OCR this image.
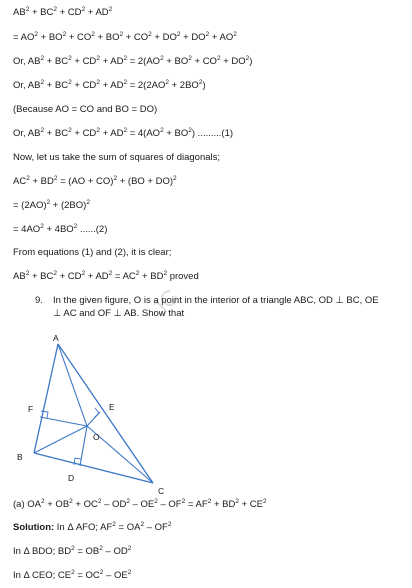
JC
$AB^2 + BC^2 + CD^2 + AD^2$
= $AO^2 + BO^2 + CO^2 + BO^2 + CO^2 + DO^2 + DO^2 + AO^2$
Or, $AB^2 + BC^2 + CD^2 + AD^2 = 2(AO^2 + BO^2 + CO^2 + DO^2)$
Or, $AB^2 + BC^2 + CD^2 + AD^2 = 2(2AO^2 + 2BO^2)$
(Because AO = CO and BO = DO)
Or, $AB^2 + BC^2 + CD^2 + AD^2 = 4(AO^2 + BO^2)$ .........(1)
Now, let us take the sum of squares of diagonals;
$AC^2 + BD^2 = (AO + CO)^2 + (BO + DO)^2$
= $(2AO)^2 + (2BO)^2$
= $4AO^2 + 4BO^2$ ......(2)
From equations (1) and (2), it is clear;
$AB^2 + BC^2 + CD^2 + AD^2 = AC^2 + BD^2$ proved
9. In the given figure, O is a point in the interior of a triangle ABC, OD ⊥ BC, OE
⊥ AC and OF ⊥ AB. Show that
A
B
C
D
E
F
O
(a) $OA^2 + OB^2 + OC^2 - OD^2 - OE^2 - OF^2 = AF^2 + BD^2 + CE^2$
Solution: In Δ AFO; $AF^2 = OA^2 - OF^2$
In Δ BDO; $BD^2 = OB^2 - OD^2$
In Δ CEO; $CE^2 = OC^2 - OE^2$
